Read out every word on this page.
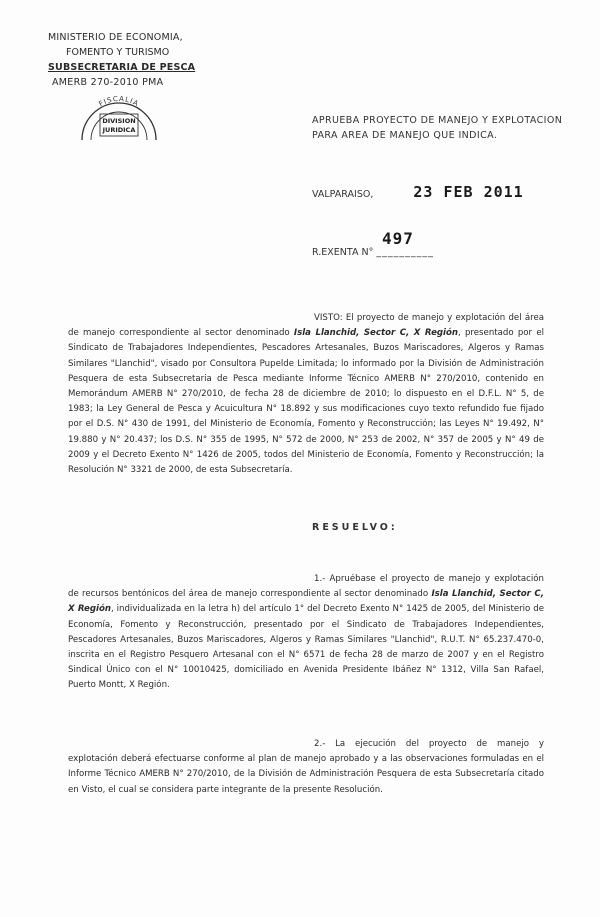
MINISTERIO DE ECONOMIA,
FOMENTO Y TURISMO
SUBSECRETARIA DE PESCA
AMERB 270-2010 PMA
FISCALIA
DIVISION
JURIDICA
APRUEBA PROYECTO DE MANEJO Y EXPLOTACION
PARA AREA DE MANEJO QUE INDICA.
VALPARAISO,	23 FEB 2011
R.EXENTA N° __________
497

VISTO: El proyecto de manejo y explotación del área de manejo correspondiente al sector denominado Isla Llanchid, Sector C, X Región, presentado por el Sindicato de Trabajadores Independientes, Pescadores Artesanales, Buzos Mariscadores, Algeros y Ramas Similares "Llanchid", visado por Consultora Pupelde Limitada; lo informado por la División de Administración Pesquera de esta Subsecretaria de Pesca mediante Informe Técnico AMERB N° 270/2010, contenido en Memorándum AMERB N° 270/2010, de fecha 28 de diciembre de 2010; lo dispuesto en el D.F.L. N° 5, de 1983; la Ley General de Pesca y Acuicultura N° 18.892 y sus modificaciones cuyo texto refundido fue fijado por el D.S. N° 430 de 1991, del Ministerio de Economía, Fomento y Reconstrucción; las Leyes N° 19.492, N° 19.880 y N° 20.437; los D.S. N° 355 de 1995, N° 572 de 2000, N° 253 de 2002, N° 357 de 2005 y N° 49 de 2009 y el Decreto Exento N° 1426 de 2005, todos del Ministerio de Economía, Fomento y Reconstrucción; la Resolución N° 3321 de 2000, de esta Subsecretaría.

RESUELVO:

1.- Apruébase el proyecto de manejo y explotación de recursos bentónicos del área de manejo correspondiente al sector denominado Isla Llanchid, Sector C, X Región, individualizada en la letra h) del artículo 1° del Decreto Exento N° 1425 de 2005, del Ministerio de Economía, Fomento y Reconstrucción, presentado por el Sindicato de Trabajadores Independientes, Pescadores Artesanales, Buzos Mariscadores, Algeros y Ramas Similares "Llanchid", R.U.T. N° 65.237.470-0, inscrita en el Registro Pesquero Artesanal con el N° 6571 de fecha 28 de marzo de 2007 y en el Registro Sindical Único con el N° 10010425, domiciliado en Avenida Presidente Ibáñez N° 1312, Villa San Rafael, Puerto Montt, X Región.

2.- La ejecución del proyecto de manejo y explotación deberá efectuarse conforme al plan de manejo aprobado y a las observaciones formuladas en el Informe Técnico AMERB N° 270/2010, de la División de Administración Pesquera de esta Subsecretaría citado en Visto, el cual se considera parte integrante de la presente Resolución.
